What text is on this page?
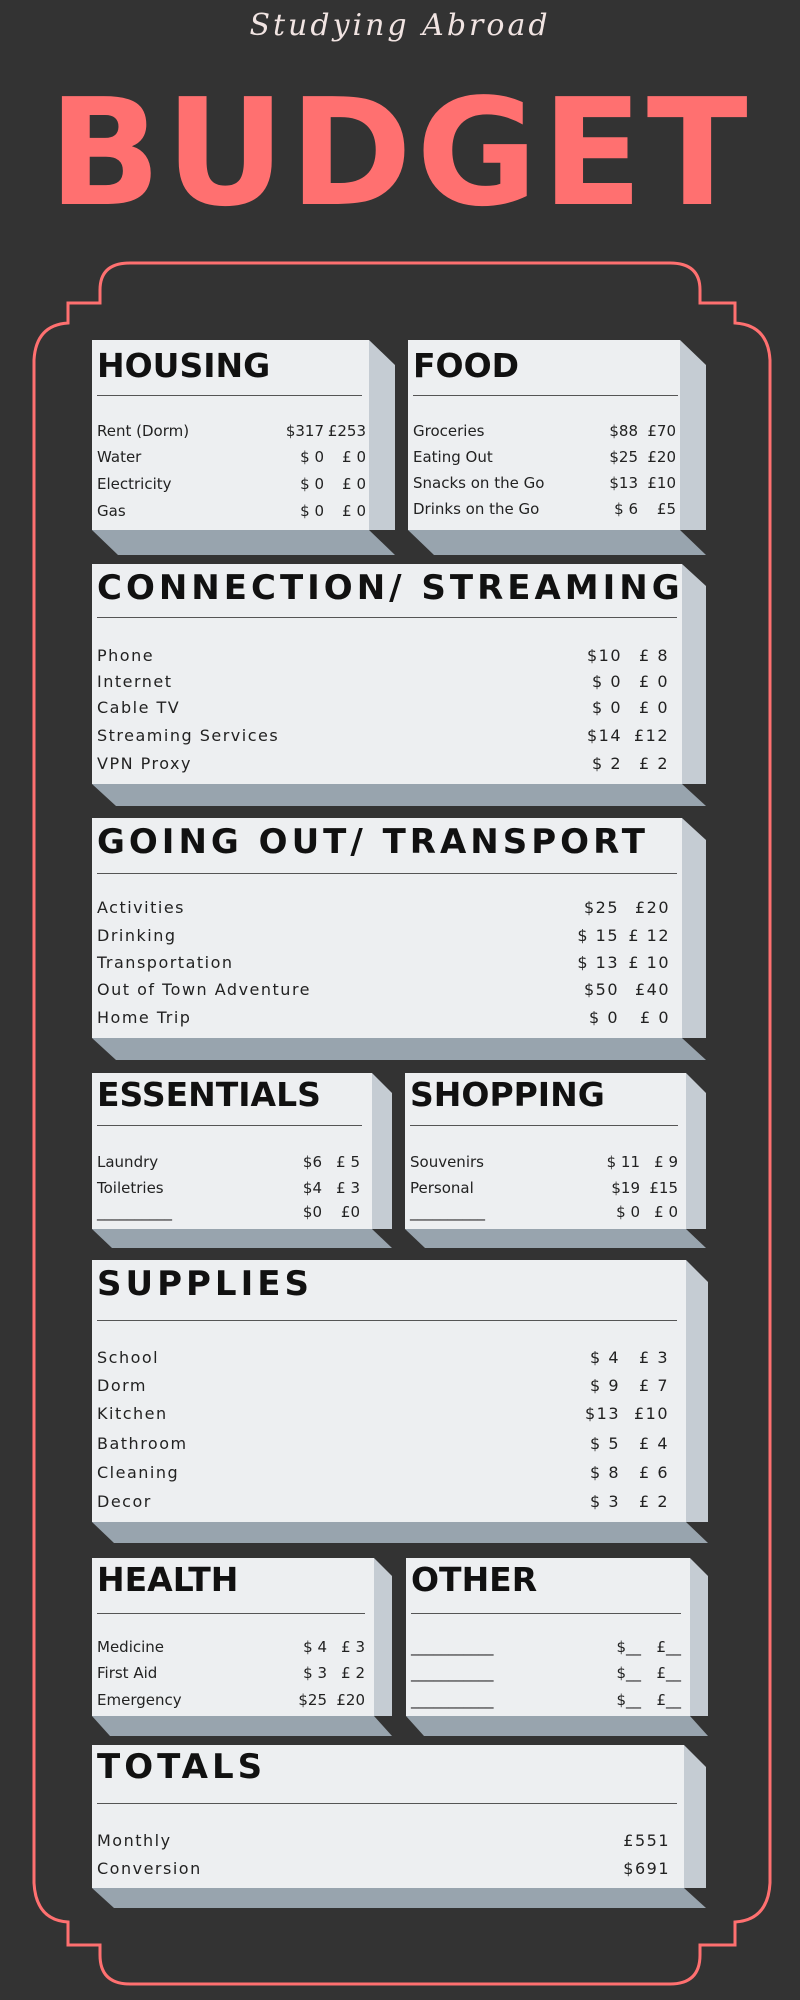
Studying Abroad
BUDGET
HOUSING
Rent (Dorm)	$317 £253
Water	$ 0	£ 0
Electricity	$ 0	£ 0
Gas	$ 0	£ 0
FOOD
Groceries	$88 £70
Eating Out	$25 £20
Snacks on the Go	$13 £10
Drinks on the Go	$ 6	£5
CONNECTION/ STREAMING
Phone	$10	£ 8
Internet	$ 0	£ 0
Cable TV	$ 0	£ 0
Streaming Services	$14 £12
VPN Proxy	$ 2	£ 2
GOING OUT/ TRANSPORT
Activities	$25 £20
Drinking	$ 15 £ 12
Transportation	$ 13 £ 10
Out of Town Adventure	$50 £40
Home Trip	$ 0	£ 0
ESSENTIALS
Laundry	$6 £ 5
Toiletries	$4 £ 3
__________	$0	£0
SHOPPING
Souvenirs	$ 11 £ 9
Personal	$19 £15
__________	$ 0 £ 0
SUPPLIES
School	$ 4	£ 3
Dorm	$ 9	£ 7
Kitchen	$13 £10
Bathroom	$ 5	£ 4
Cleaning	$ 8	£ 6
Decor	$ 3	£ 2
HEALTH
Medicine	$ 4 £ 3
First Aid	$ 3 £ 2
Emergency	$25 £20
OTHER
___________	$__	£__
___________	$__	£__
___________	$__	£__
TOTALS
Monthly	£551
Conversion	$691
